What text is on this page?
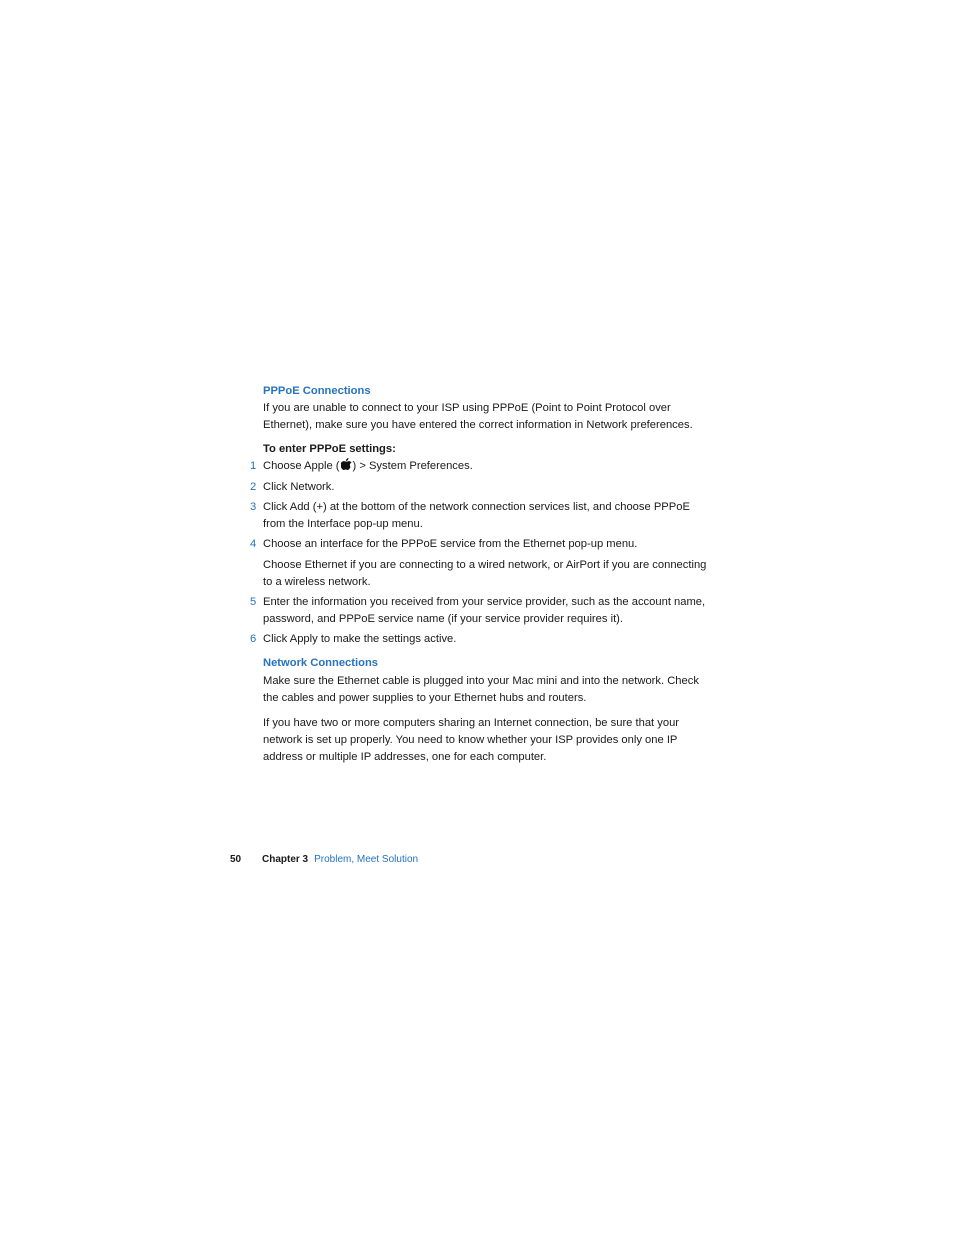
PPPoE Connections

If you are unable to connect to your ISP using PPPoE (Point to Point Protocol over Ethernet), make sure you have entered the correct information in Network preferences.

To enter PPPoE settings:

1 Choose Apple ( ) > System Preferences.

2 Click Network.

3 Click Add (+) at the bottom of the network connection services list, and choose PPPoE from the Interface pop-up menu.

4 Choose an interface for the PPPoE service from the Ethernet pop-up menu.

Choose Ethernet if you are connecting to a wired network, or AirPort if you are connecting to a wireless network.

5 Enter the information you received from your service provider, such as the account name, password, and PPPoE service name (if your service provider requires it).

6 Click Apply to make the settings active.

Network Connections

Make sure the Ethernet cable is plugged into your Mac mini and into the network. Check the cables and power supplies to your Ethernet hubs and routers.

If you have two or more computers sharing an Internet connection, be sure that your network is set up properly. You need to know whether your ISP provides only one IP address or multiple IP addresses, one for each computer.

50 Chapter 3 Problem, Meet Solution
